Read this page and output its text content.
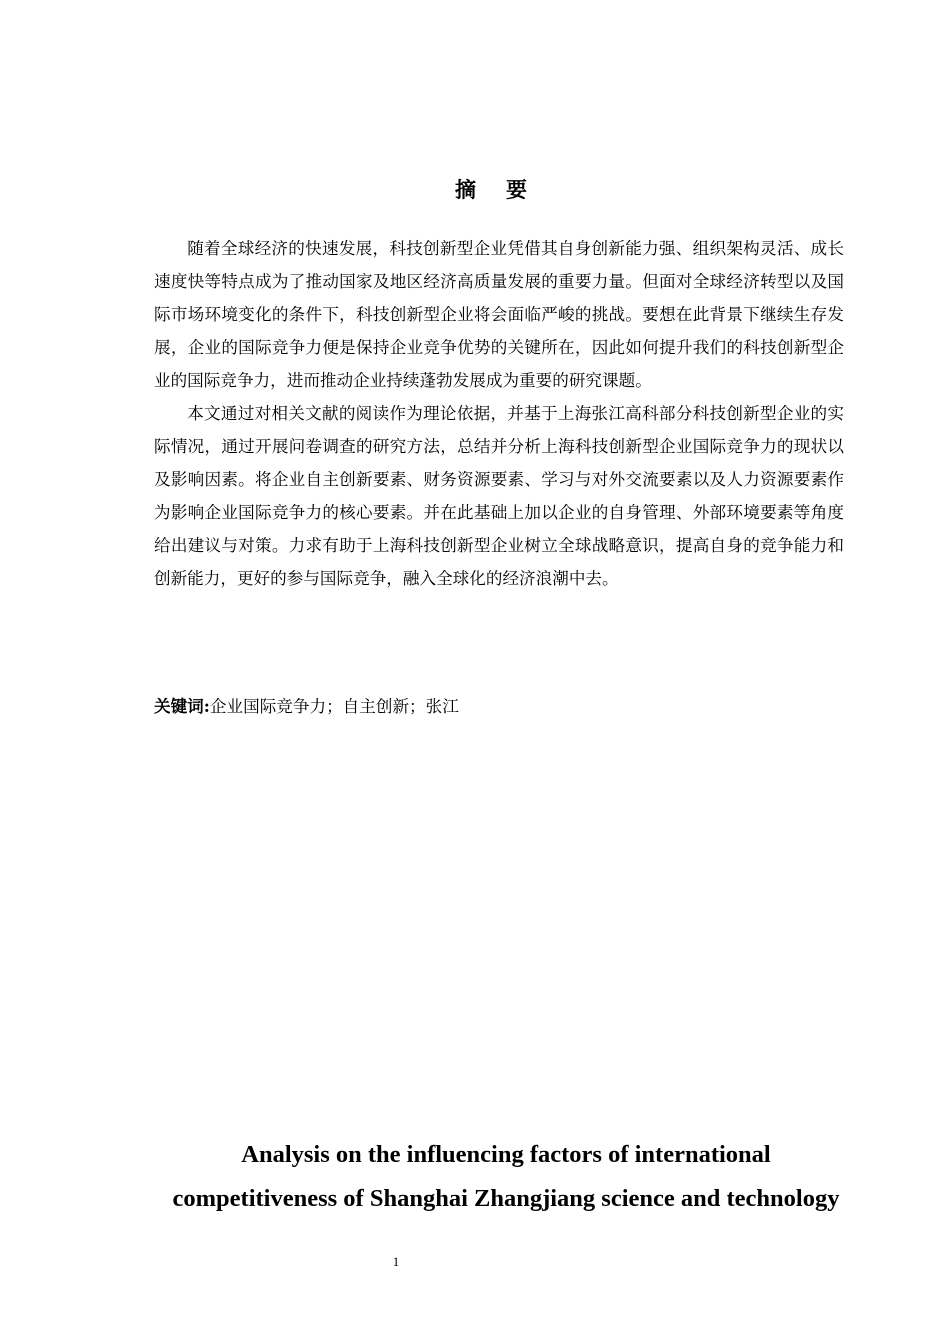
摘要

随着全球经济的快速发展，科技创新型企业凭借其自身创新能力强、组织架构灵活、成长速度快等特点成为了推动国家及地区经济高质量发展的重要力量。但面对全球经济转型以及国际市场环境变化的条件下，科技创新型企业将会面临严峻的挑战。要想在此背景下继续生存发展，企业的国际竞争力便是保持企业竞争优势的关键所在，因此如何提升我们的科技创新型企业的国际竞争力，进而推动企业持续蓬勃发展成为重要的研究课题。

本文通过对相关文献的阅读作为理论依据，并基于上海张江高科部分科技创新型企业的实际情况，通过开展问卷调查的研究方法，总结并分析上海科技创新型企业国际竞争力的现状以及影响因素。将企业自主创新要素、财务资源要素、学习与对外交流要素以及人力资源要素作为影响企业国际竞争力的核心要素。并在此基础上加以企业的自身管理、外部环境要素等角度给出建议与对策。力求有助于上海科技创新型企业树立全球战略意识，提高自身的竞争能力和创新能力，更好的参与国际竞争，融入全球化的经济浪潮中去。

关键词:企业国际竞争力；自主创新；张江

Analysis on the influencing factors of international
competitiveness of Shanghai Zhangjiang science and technology
1
